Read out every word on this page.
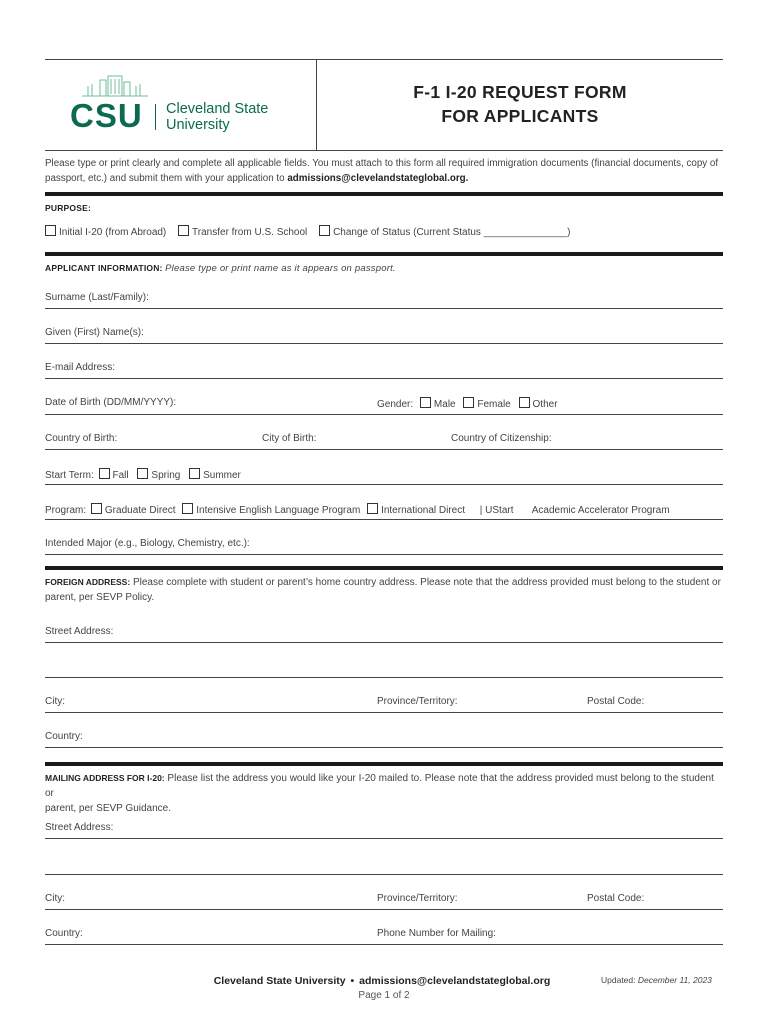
CSU Cleveland State
University
F-1 I-20 REQUEST FORM
FOR APPLICANTS
Please type or print clearly and complete all applicable fields. You must attach to this form all required immigration documents (financial documents, copy of
passport, etc.) and submit them with your application to admissions@clevelandstateglobal.org.
PURPOSE:
Initial I-20 (from Abroad)	Transfer from U.S. School	Change of Status (Current Status _______________)
APPLICANT INFORMATION: Please type or print name as it appears on passport.
Surname (Last/Family):
Given (First) Name(s):
E-mail Address:
Date of Birth (DD/MM/YYYY):	Gender: Male Female Other
Country of Birth:	City of Birth:	Country of Citizenship:
Start Term: Fall Spring Summer
Program: Graduate Direct Intensive English Language Program International Direct | UStart Academic Accelerator Program
Intended Major (e.g., Biology, Chemistry, etc.):
FOREIGN ADDRESS: Please complete with student or parent’s home country address. Please note that the address provided must belong to the student or
parent, per SEVP Policy.
Street Address:
City:	Province/Territory:	Postal Code:
Country:
MAILING ADDRESS FOR I-20: Please list the address you would like your I-20 mailed to. Please note that the address provided must belong to the student or
parent, per SEVP Guidance.
Street Address:
City:	Province/Territory:	Postal Code:
Country:	Phone Number for Mailing:
Cleveland State University • admissions@clevelandstateglobal.org
Page 1 of 2
Updated: December 11, 2023
